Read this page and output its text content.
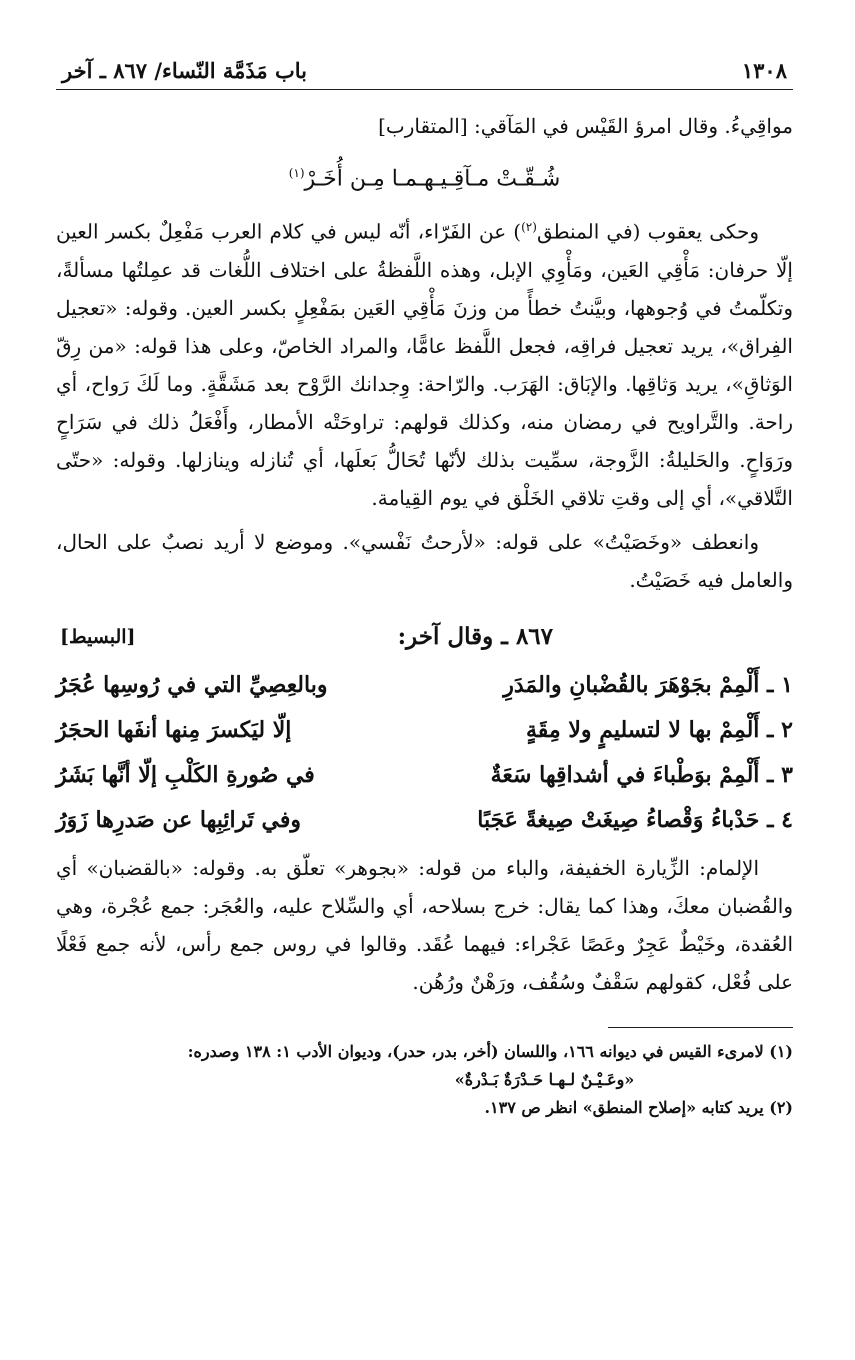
١٣٠٨
باب مَذَمَّة النّساء/ ٨٦٧ ـ آخر

مواقِيءُ. وقال امرؤ القَيْس في المَآقي: [المتقارب]

شُـقّـتْ مـآقِـيـهـمـا مِـن أُخَـرْ$^{(١)}$

وحكى يعقوب (في المنطق$^{(٢)}$) عن الفَرّاء، أنّه ليس في كلام العرب مَفْعِلٌ بكسر العين إلّا حرفان: مَأْقِي العَين، ومَأْوِي الإبل، وهذه اللَّفظةُ على اختلاف اللُّغات قد عمِلتُها مسألةً، وتكلّمتُ في وُجوهها، وبيَّنتُ خطأً من وزنَ مَأْقِي العَين بمَفْعِلٍ بكسر العين. وقوله: «تعجيل الفِراق»، يريد تعجيل فراقِه، فجعل اللَّفظ عامًّا، والمراد الخاصّ، وعلى هذا قوله: «من رِقّ الوَثاقِ»، يريد وَثاقِها. والإبَاق: الهَرَب. والرّاحة: وِجدانك الرَّوْح بعد مَشَقَّةٍ. وما لَكَ رَواح، أي راحة. والتَّراويح في رمضان منه، وكذلك قولهم: تراوحَتْه الأمطار، وأَفْعَلُ ذلك في سَرَاحٍ ورَوَاحٍ. والحَليلةُ: الزَّوجة، سمِّيت بذلك لأنّها تُحَالُّ بَعلَها، أي تُنازله وينازلها. وقوله: «حتّى التَّلاقي»، أي إلى وقتِ تلاقي الخَلْق في يوم القِيامة.

وانعطف «وخَصَيْتُ» على قوله: «لأرحتُ نَفْسي». وموضع لا أريد نصبٌ على الحال، والعامل فيه خَصَيْتُ.

٨٦٧ ـ وقال آخر:
[البسيط]
١ ـ أَلْمِمْ بجَوْهَرَ بالقُضْبانِ والمَدَرِ
وبالعِصِيِّ التي في رُوسِها عُجَرُ
٢ ـ أَلْمِمْ بها لا لتسليمٍ ولا مِقَةٍ
إلّا ليَكسرَ مِنها أنفَها الحجَرُ
٣ ـ أَلْمِمْ بوَطْباءَ في أشداقِها سَعَةٌ
في صُورةِ الكَلْبِ إلّا أنَّها بَشَرُ
٤ ـ حَدْباءُ وَقْصاءُ صِيغَتْ صِيغةً عَجَبًا
وفي تَرائِبِها عن صَدرِها زَوَرُ

الإلمام: الزِّيارة الخفيفة، والباء من قوله: «بجوهر» تعلّق به. وقوله: «بالقضبان» أي والقُضبان معكَ، وهذا كما يقال: خرج بسلاحه، أي والسِّلاح عليه، والعُجَر: جمع عُجْرة، وهي العُقدة، وخَيْطٌ عَجِرٌ وعَصًا عَجْراء: فيهما عُقَد. وقالوا في روس جمع رأس، لأنه جمع فَعْلًا على فُعْل، كقولهم سَقْفٌ وسُقُف، ورَهْنٌ ورُهُن.

(١) لامرىء القيس في ديوانه ١٦٦، واللسان (أخر، بدر، حدر)، وديوان الأدب ١: ١٣٨ وصدره:
«وعَـيْـنٌ لـهـا حَـدْرَةٌ بَـدْرةٌ»
(٢) يريد كتابه «إصلاح المنطق» انظر ص ١٣٧.
